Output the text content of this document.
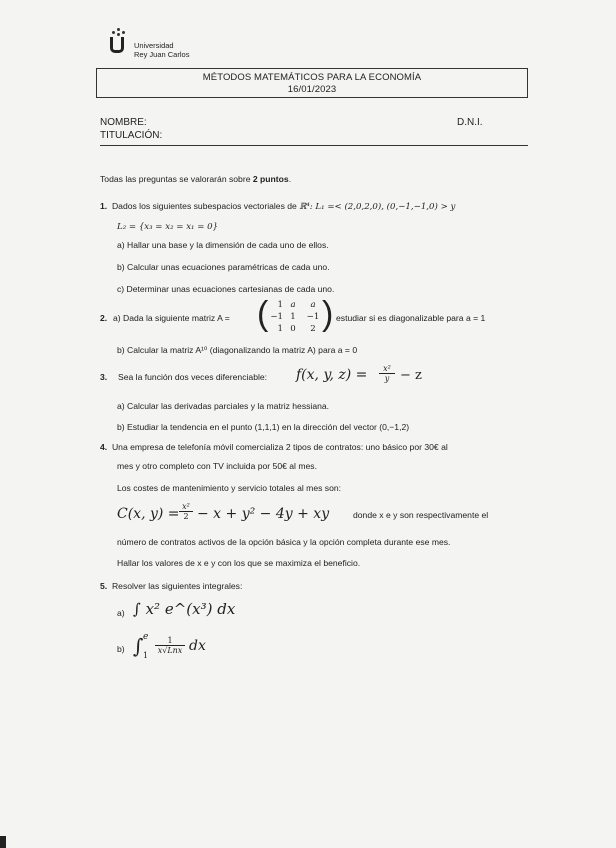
Universidad
Rey Juan Carlos
MÉTODOS MATEMÁTICOS PARA LA ECONOMÍA
16/01/2023
NOMBRE:	D.N.I.
TITULACIÓN:
Todas las preguntas se valorarán sobre 2 puntos.
1. Dados los siguientes subespacios vectoriales de ℝ⁴: L₁ =< (2,0,2,0), (0,−1,−1,0) > y
L₂ = {x₃ = x₂ = x₁ = 0}
a) Hallar una base y la dimensión de cada uno de ellos.
b) Calcular unas ecuaciones paramétricas de cada uno.
c) Determinar unas ecuaciones cartesianas de cada uno.
2. a) Dada la siguiente matriz A = (	1 a	a
−1 1	−1
1 0	2 ) estudiar si es diagonalizable para a = 1
b) Calcular la matriz A¹⁰ (diagonalizando la matriz A) para a = 0
3. Sea la función dos veces diferenciable: f(x, y, $z) = \frac{\text{x²}}{y} - z$
a) Calcular las derivadas parciales y la matriz hessiana.
b) Estudiar la tendencia en el punto (1,1,1) en la dirección del vector (0,−1,2)
4. Una empresa de telefonía móvil comercializa 2 tipos de contratos: uno básico por 30€ al
mes y otro completo con TV incluida por 50€ al mes.
Los costes de mantenimiento y servicio totales al mes son:
C(x, $y) = \frac{\text{x²}}{2} - x + y^2 - 4y$ + xy	donde x e y son respectivamente el
número de contratos activos de la opción básica y la opción completa durante ese mes.
Hallar los valores de x e y con los que se maximiza el beneficio.
5. Resolver las siguientes integrales:
a) ∫ x² e^(x³) dx
b) ∫ e
1
1
x√Lnx dx
